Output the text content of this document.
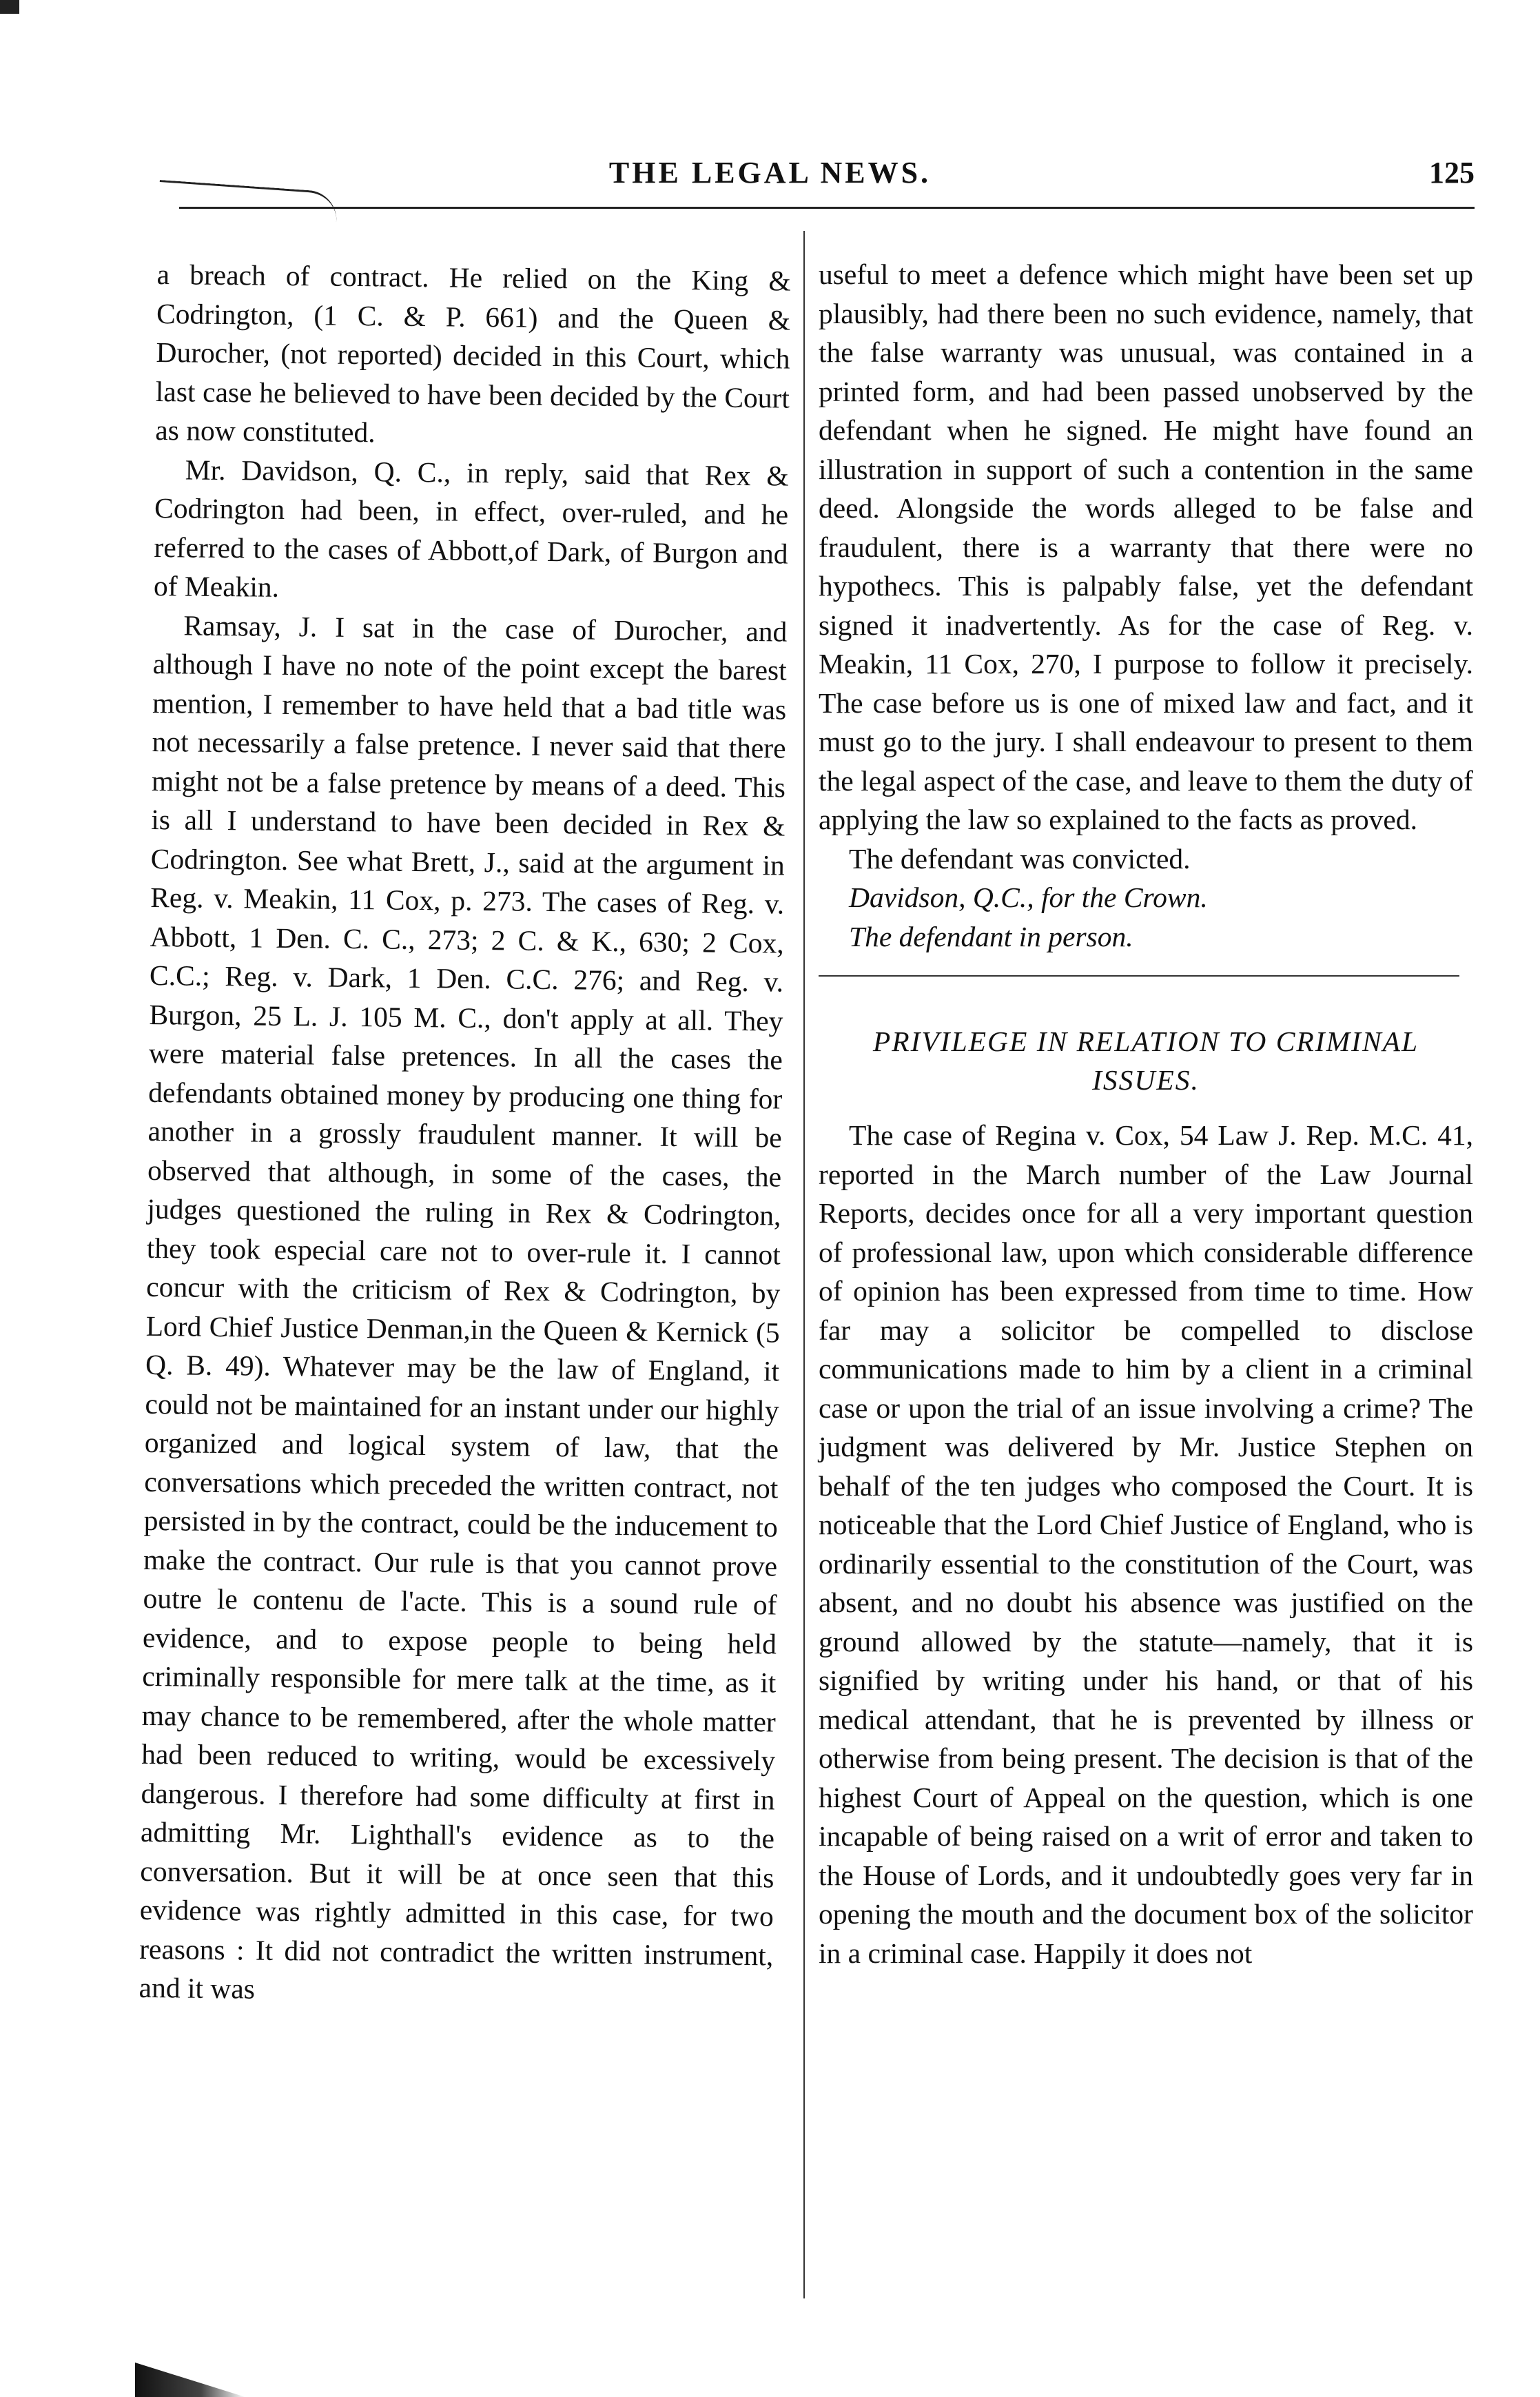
THE LEGAL NEWS.	125

a breach of contract. He relied on the King & Codrington, (1 C. & P. 661) and the Queen & Durocher, (not reported) decided in this Court, which last case he believed to have been decided by the Court as now constituted.

Mr. Davidson, Q. C., in reply, said that Rex & Codrington had been, in effect, over-ruled, and he referred to the cases of Abbott,of Dark, of Burgon and of Meakin.

Ramsay, J. I sat in the case of Durocher, and although I have no note of the point except the barest mention, I remember to have held that a bad title was not necessarily a false pretence. I never said that there might not be a false pretence by means of a deed. This is all I understand to have been decided in Rex & Codrington. See what Brett, J., said at the argument in Reg. v. Meakin, 11 Cox, p. 273. The cases of Reg. v. Abbott, 1 Den. C. C., 273; 2 C. & K., 630; 2 Cox, C.C.; Reg. v. Dark, 1 Den. C.C. 276; and Reg. v. Burgon, 25 L. J. 105 M. C., don't apply at all. They were material false pretences. In all the cases the defendants obtained money by producing one thing for another in a grossly fraudulent manner. It will be observed that although, in some of the cases, the judges questioned the ruling in Rex & Codrington, they took especial care not to over-rule it. I cannot concur with the criticism of Rex & Codrington, by Lord Chief Justice Denman,in the Queen & Kernick (5 Q. B. 49). Whatever may be the law of England, it could not be maintained for an instant under our highly organized and logical system of law, that the conversations which preceded the written contract, not persisted in by the contract, could be the inducement to make the contract. Our rule is that you cannot prove outre le contenu de l'acte. This is a sound rule of evidence, and to expose people to being held criminally responsible for mere talk at the time, as it may chance to be remembered, after the whole matter had been reduced to writing, would be excessively dangerous. I therefore had some difficulty at first in admitting Mr. Lighthall's evidence as to the conversation. But it will be at once seen that this evidence was rightly admitted in this case, for two reasons : It did not contradict the written instrument, and it was

useful to meet a defence which might have been set up plausibly, had there been no such evidence, namely, that the false warranty was unusual, was contained in a printed form, and had been passed unobserved by the defendant when he signed. He might have found an illustration in support of such a contention in the same deed. Alongside the words alleged to be false and fraudulent, there is a warranty that there were no hypothecs. This is palpably false, yet the defendant signed it inadvertently. As for the case of Reg. v. Meakin, 11 Cox, 270, I purpose to follow it precisely. The case before us is one of mixed law and fact, and it must go to the jury. I shall endeavour to present to them the legal aspect of the case, and leave to them the duty of applying the law so explained to the facts as proved.

The defendant was convicted.

Davidson, Q.C., for the Crown.

The defendant in person.

PRIVILEGE IN RELATION TO CRIMINAL ISSUES.

The case of Regina v. Cox, 54 Law J. Rep. M.C. 41, reported in the March number of the Law Journal Reports, decides once for all a very important question of professional law, upon which considerable difference of opinion has been expressed from time to time. How far may a solicitor be compelled to disclose communications made to him by a client in a criminal case or upon the trial of an issue involving a crime? The judgment was delivered by Mr. Justice Stephen on behalf of the ten judges who composed the Court. It is noticeable that the Lord Chief Justice of England, who is ordinarily essential to the constitution of the Court, was absent, and no doubt his absence was justified on the ground allowed by the statute—namely, that it is signified by writing under his hand, or that of his medical attendant, that he is prevented by illness or otherwise from being present. The decision is that of the highest Court of Appeal on the question, which is one incapable of being raised on a writ of error and taken to the House of Lords, and it undoubtedly goes very far in opening the mouth and the document box of the solicitor in a criminal case. Happily it does not
